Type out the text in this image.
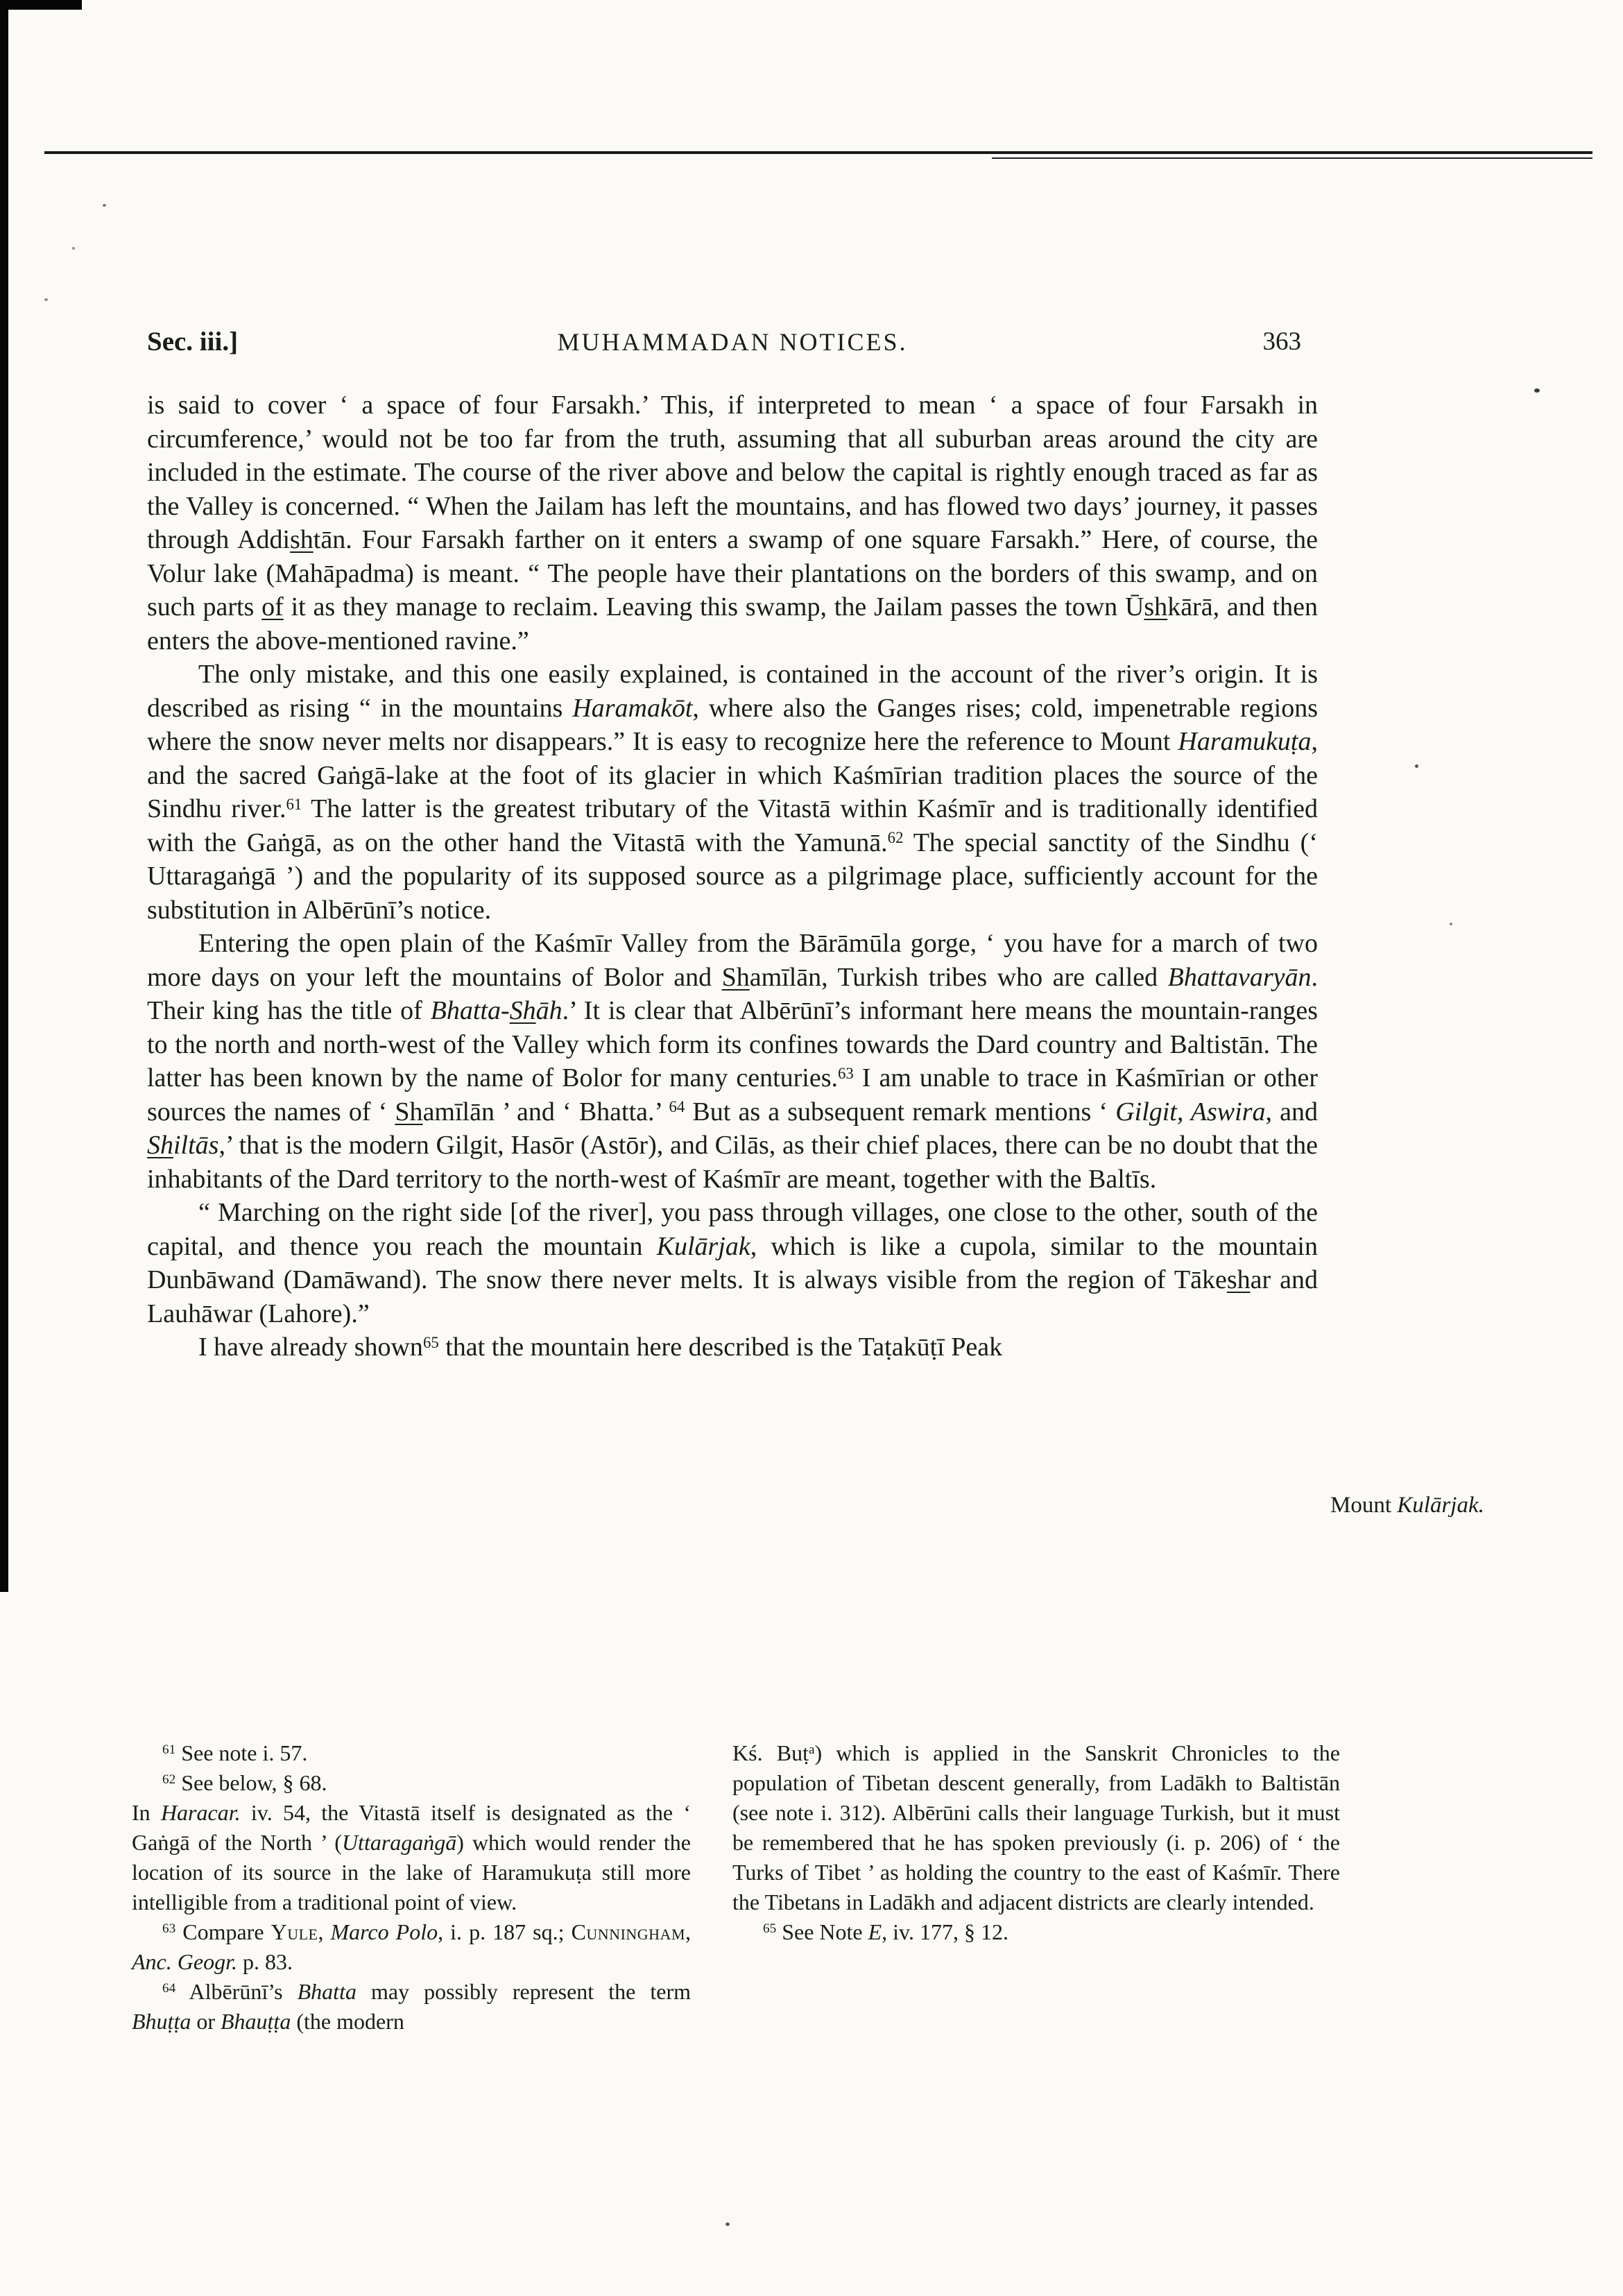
Sec. iii.]	MUHAMMADAN NOTICES.	363

is said to cover ‘ a space of four Farsakh.’ This, if interpreted to mean ‘ a space of four Farsakh in circumference,’ would not be too far from the truth, assuming that all suburban areas around the city are included in the estimate. The course of the river above and below the capital is rightly enough traced as far as the Valley is concerned. “ When the Jailam has left the mountains, and has flowed two days’ journey, it passes through Addishtān. Four Farsakh farther on it enters a swamp of one square Farsakh.” Here, of course, the Volur lake (Mahāpadma) is meant. “ The people have their plantations on the borders of this swamp, and on such parts of it as they manage to reclaim. Leaving this swamp, the Jailam passes the town Ūshkārā, and then enters the above-mentioned ravine.”

The only mistake, and this one easily explained, is contained in the account of the river’s origin. It is described as rising “ in the mountains Haramakōt, where also the Ganges rises; cold, impenetrable regions where the snow never melts nor disappears.” It is easy to recognize here the reference to Mount Haramukuṭa, and the sacred Gaṅgā-lake at the foot of its glacier in which Kaśmīrian tradition places the source of the Sindhu river.$^{61}$ The latter is the greatest tributary of the Vitastā within Kaśmīr and is traditionally identified with the Gaṅgā, as on the other hand the Vitastā with the Yamunā.$^{62}$ The special sanctity of the Sindhu (‘ Uttaragaṅgā ’) and the popularity of its supposed source as a pilgrimage place, sufficiently account for the substitution in Albērūnī’s notice.

Entering the open plain of the Kaśmīr Valley from the Bārāmūla gorge, ‘ you have for a march of two more days on your left the mountains of Bolor and Shamīlān, Turkish tribes who are called Bhattavaryān. Their king has the title of Bhatta-Shāh.’ It is clear that Albērūnī’s informant here means the mountain-ranges to the north and north-west of the Valley which form its confines towards the Dard country and Baltistān. The latter has been known by the name of Bolor for many centuries.$^{63}$ I am unable to trace in Kaśmīrian or other sources the names of ‘ Shamīlān ’ and ‘ Bhatta.’ $^{64}$ But as a subsequent remark mentions ‘ Gilgit, Aswira, and Shiltās,’ that is the modern Gilgit, Hasōr (Astōr), and Cilās, as their chief places, there can be no doubt that the inhabitants of the Dard territory to the north-west of Kaśmīr are meant, together with the Baltīs.

“ Marching on the right side [of the river], you pass through villages, one close to the other, south of the capital, and thence you reach the mountain Kulārjak, which is like a cupola, similar to the mountain Dunbāwand (Damāwand). The snow there never melts. It is always visible from the region of Tākeshar and Lauhāwar (Lahore).”

I have already shown$^{65}$ that the mountain here described is the Taṭakūṭī Peak

Mount Kulārjak.

$^{61}$ See note i. 57.

$^{62}$ See below, § 68.

In Haracar. iv. 54, the Vitastā itself is designated as the ‘ Gaṅgā of the North ’ (Uttaragaṅgā) which would render the location of its source in the lake of Haramukuṭa still more intelligible from a traditional point of view.

$^{63}$ Compare Yule, Marco Polo, i. p. 187 sq.; Cunningham, Anc. Geogr. p. 83.

$^{64}$ Albērūnī’s Bhatta may possibly represent the term Bhuṭṭa or Bhauṭṭa (the modern

Kś. Buṭ$^a$) which is applied in the Sanskrit Chronicles to the population of Tibetan descent generally, from Ladākh to Baltistān (see note i. 312). Albērūni calls their language Turkish, but it must be remembered that he has spoken previously (i. p. 206) of ‘ the Turks of Tibet ’ as holding the country to the east of Kaśmīr. There the Tibetans in Ladākh and adjacent districts are clearly intended.

$^{65}$ See Note E, iv. 177, § 12.
